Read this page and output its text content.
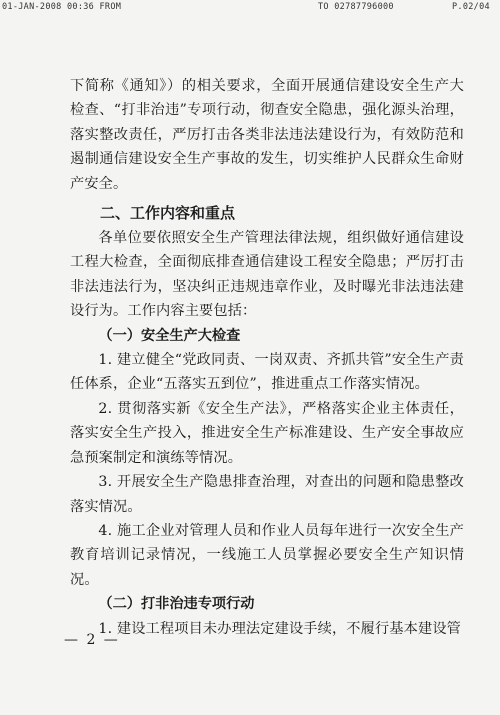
01-JAN-2008 00:36 FROM	TO 02787796000	P.02/04

下简称《通知》）的相关要求，全面开展通信建设安全生产大检查、“打非治违”专项行动，彻查安全隐患，强化源头治理，落实整改责任，严厉打击各类非法违法建设行为，有效防范和遏制通信建设安全生产事故的发生，切实维护人民群众生命财产安全。

二、工作内容和重点

各单位要依照安全生产管理法律法规，组织做好通信建设工程大检查，全面彻底排查通信建设工程安全隐患；严厉打击非法违法行为，坚决纠正违规违章作业，及时曝光非法违法建设行为。工作内容主要包括：

（一）安全生产大检查

1. 建立健全“党政同责、一岗双责、齐抓共管”安全生产责任体系，企业“五落实五到位”，推进重点工作落实情况。

2. 贯彻落实新《安全生产法》，严格落实企业主体责任，落实安全生产投入，推进安全生产标准建设、生产安全事故应急预案制定和演练等情况。

3. 开展安全生产隐患排查治理，对查出的问题和隐患整改落实情况。

4. 施工企业对管理人员和作业人员每年进行一次安全生产教育培训记录情况，一线施工人员掌握必要安全生产知识情况。

（二）打非治违专项行动

1. 建设工程项目未办理法定建设手续，不履行基本建设管

— 2 —
